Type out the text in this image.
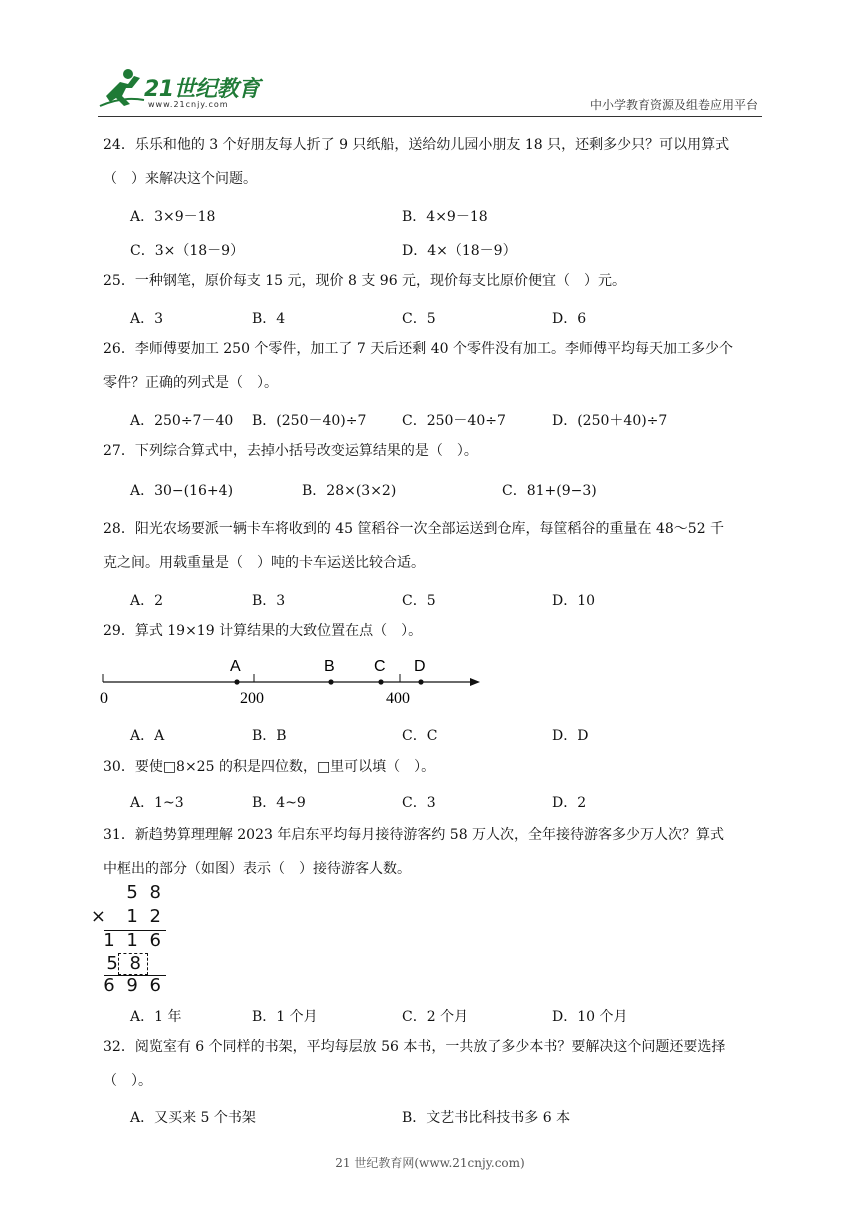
21世纪教育
www.21cnjy.com	中小学教育资源及组卷应用平台
24．乐乐和他的 3 个好朋友每人折了 9 只纸船，送给幼儿园小朋友 18 只，还剩多少只？可以用算式
（　）来解决这个问题。
A．3×9－18	B．4×9－18
C．3×（18－9）	D．4×（18－9）
25．一种钢笔，原价每支 15 元，现价 8 支 96 元，现价每支比原价便宜（　）元。
A．3	B．4	C．5	D．6
26．李师傅要加工 250 个零件，加工了 7 天后还剩 40 个零件没有加工。李师傅平均每天加工多少个
零件？正确的列式是（　）。
A．250÷7－40 B．(250－40)÷7	C．250－40÷7	D．(250＋40)÷7
27．下列综合算式中，去掉小括号改变运算结果的是（　）。
A．30−(16+4)	B．28×(3×2)	C．81+(9−3)
28．阳光农场要派一辆卡车将收到的 45 筐稻谷一次全部运送到仓库，每筐稻谷的重量在 48～52 千
克之间。用载重量是（　）吨的卡车运送比较合适。
A．2	B．3	C．5	D．10
29．算式 19×19 计算结果的大致位置在点（　）。
0	200	400
A	B C D
A．A	B．B	C．C	D．D
30．要使□8×25 的积是四位数，□里可以填（　）。
A．1~3	B．4~9	C．3	D．2
31．新趋势算理理解 2023 年启东平均每月接待游客约 58 万人次，全年接待游客多少万人次？算式
中框出的部分（如图）表示（　）接待游客人数。
5 8
×  1 2
1 1 6
5 8
6 9 6
A．1 年	B．1 个月	C．2 个月	D．10 个月
32．阅览室有 6 个同样的书架，平均每层放 56 本书，一共放了多少本书？要解决这个问题还要选择
（　）。
A．又买来 5 个书架	B．文艺书比科技书多 6 本
21 世纪教育网(www.21cnjy.com)
